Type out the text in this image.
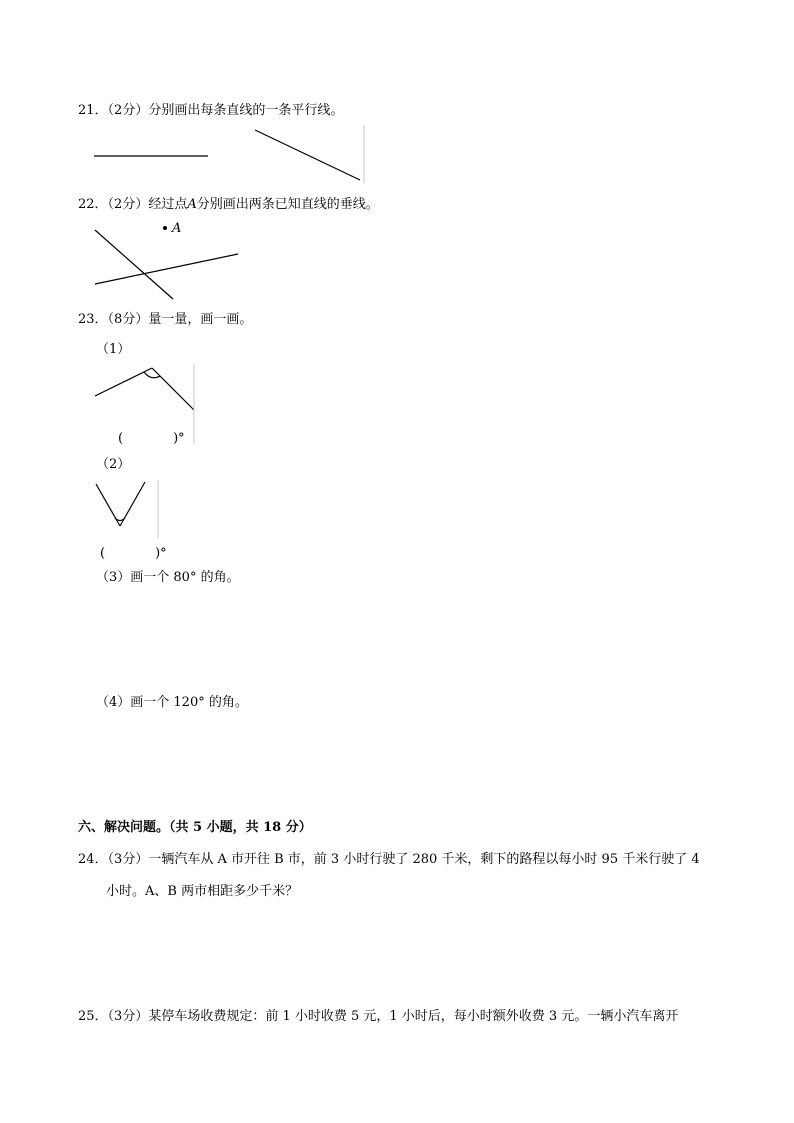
21．（2分）分别画出每条直线的一条平行线。
22．（2分）经过点A分别画出两条已知直线的垂线。
A
23．（8分）量一量，画一画。
（1）
(	)°
（2）
(	)°
（3）画一个 80° 的角。
（4）画一个 120° 的角。
六、解决问题。（共 5 小题，共 18 分）
24．（3分）一辆汽车从 A 市开往 B 市，前 3 小时行驶了 280 千米，剩下的路程以每小时 95 千米行驶了 4
小时。A、B 两市相距多少千米？
25．（3分）某停车场收费规定：前 1 小时收费 5 元，1 小时后，每小时额外收费 3 元。一辆小汽车离开
